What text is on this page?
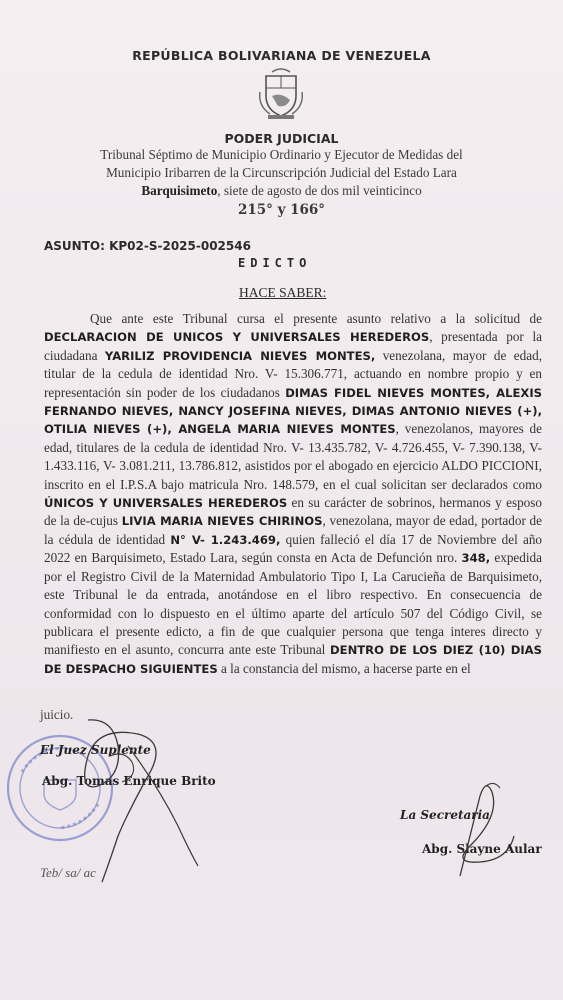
REPÚBLICA BOLIVARIANA DE VENEZUELA
PODER JUDICIAL
Tribunal Séptimo de Municipio Ordinario y Ejecutor de Medidas del
Municipio Iribarren de la Circunscripción Judicial del Estado Lara
Barquisimeto, siete de agosto de dos mil veinticinco
215° y 166°
ASUNTO: KP02-S-2025-002546
EDICTO
HACE SABER:
Que ante este Tribunal cursa el presente asunto relativo a la solicitud de DECLARACION DE UNICOS Y UNIVERSALES HEREDEROS, presentada por la ciudadana YARILIZ PROVIDENCIA NIEVES MONTES, venezolana, mayor de edad, titular de la cedula de identidad Nro. V- 15.306.771, actuando en nombre propio y en representación sin poder de los ciudadanos DIMAS FIDEL NIEVES MONTES, ALEXIS FERNANDO NIEVES, NANCY JOSEFINA NIEVES, DIMAS ANTONIO NIEVES (+), OTILIA NIEVES (+), ANGELA MARIA NIEVES MONTES, venezolanos, mayores de edad, titulares de la cedula de identidad Nro. V- 13.435.782, V- 4.726.455, V- 7.390.138, V- 1.433.116, V- 3.081.211, 13.786.812, asistidos por el abogado en ejercicio ALDO PICCIONI, inscrito en el I.P.S.A bajo matricula Nro. 148.579, en el cual solicitan ser declarados como ÚNICOS Y UNIVERSALES HEREDEROS en su carácter de sobrinos, hermanos y esposo de la de-cujus LIVIA MARIA NIEVES CHIRINOS, venezolana, mayor de edad, portador de la cédula de identidad N° V- 1.243.469, quien falleció el día 17 de Noviembre del año 2022 en Barquisimeto, Estado Lara, según consta en Acta de Defunción nro. 348, expedida por el Registro Civil de la Maternidad Ambulatorio Tipo I, La Carucieña de Barquisimeto, este Tribunal le da entrada, anotándose en el libro respectivo. En consecuencia de conformidad con lo dispuesto en el último aparte del artículo 507 del Código Civil, se publicara el presente edicto, a fin de que cualquier persona que tenga interes directo y manifiesto en el asunto, concurra ante este Tribunal DENTRO DE LOS DIEZ (10) DIAS DE DESPACHO SIGUIENTES a la constancia del mismo, a hacerse parte en el
juicio.
El Juez Suplente
Abg. Tomas Enrique Brito
La Secretaria
Abg. Slayne Aular
Teb/ sa/ ac
